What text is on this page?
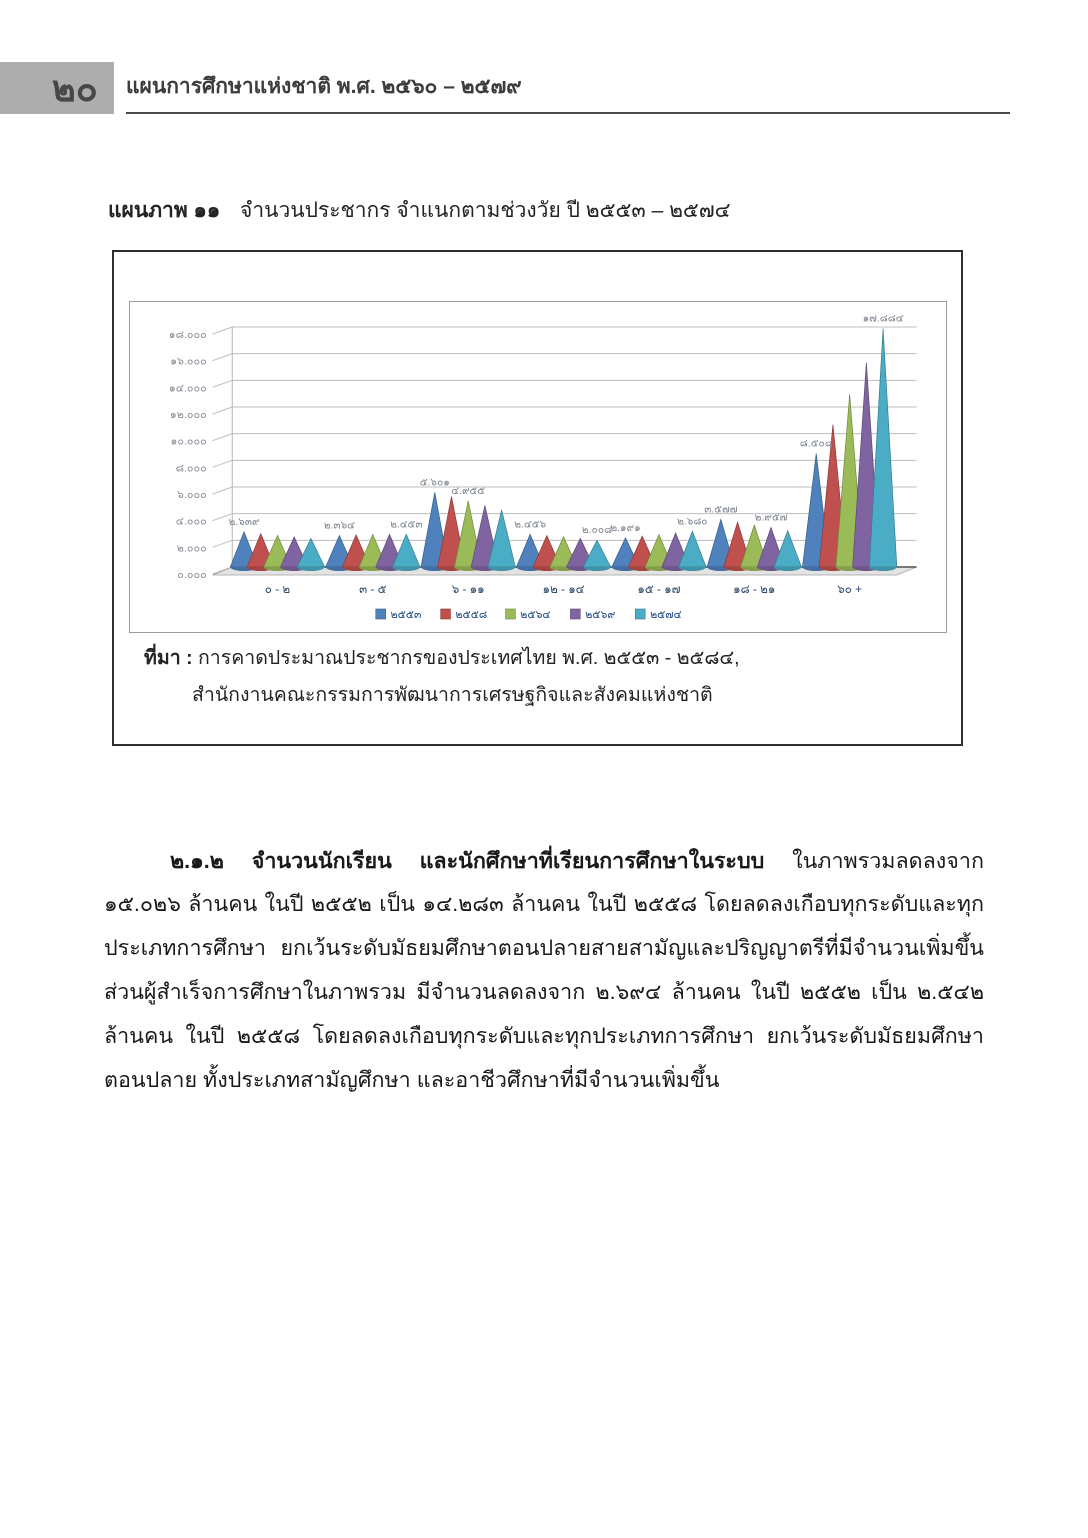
๒๐	แผนการศึกษาแห่งชาติ พ.ศ. ๒๕๖๐ – ๒๕๗๙
แผนภาพ ๑๑ จำนวนประชากร จำแนกตามช่วงวัย ปี ๒๕๕๓ – ๒๕๗๔
๑๘.๐๐๐
๑๖.๐๐๐
๑๔.๐๐๐
๑๒.๐๐๐
๑๐.๐๐๐
๘.๐๐๐
๖.๐๐๐
๔.๐๐๐
๒.๐๐๐
๐.๐๐๐
๒.๖๓๙	๒.๓๖๔	๒.๔๕๓
๕.๖๐๑
๔.๙๕๕
๒.๔๕๖
๒.๐๐๘
๒.๑๙๑
๒.๖๘๐
๓.๕๗๗
๒.๙๕๗
๘.๕๐๘
๑๗.๘๘๔
๐ - ๒	๓ - ๕	๖ - ๑๑	๑๒ - ๑๔	๑๕ - ๑๗	๑๘ - ๒๑	๖๐ +
๒๕๕๓	๒๕๕๘	๒๕๖๔	๒๕๖๙	๒๕๗๔
ที่มา : การคาดประมาณประชากรของประเทศไทย พ.ศ. ๒๕๕๓ - ๒๕๘๔,
สำนักงานคณะกรรมการพัฒนาการเศรษฐกิจและสังคมแห่งชาติ

๒.๑.๒ จำนวนนักเรียน และนักศึกษาที่เรียนการศึกษาในระบบ ในภาพรวมลดลงจาก ๑๕.๐๒๖ ล้านคน ในปี ๒๕๕๒ เป็น ๑๔.๒๘๓ ล้านคน ในปี ๒๕๕๘ โดยลดลงเกือบทุกระดับและทุกประเภทการศึกษา ยกเว้นระดับมัธยมศึกษาตอนปลายสายสามัญและปริญญาตรีที่มีจำนวนเพิ่มขึ้น ส่วนผู้สำเร็จการศึกษาในภาพรวม มีจำนวนลดลงจาก ๒.๖๙๔ ล้านคน ในปี ๒๕๕๒ เป็น ๒.๕๔๒ ล้านคน ในปี ๒๕๕๘ โดยลดลงเกือบทุกระดับและทุกประเภทการศึกษา ยกเว้นระดับมัธยมศึกษาตอนปลาย ทั้งประเภทสามัญศึกษา และอาชีวศึกษาที่มีจำนวนเพิ่มขึ้น
